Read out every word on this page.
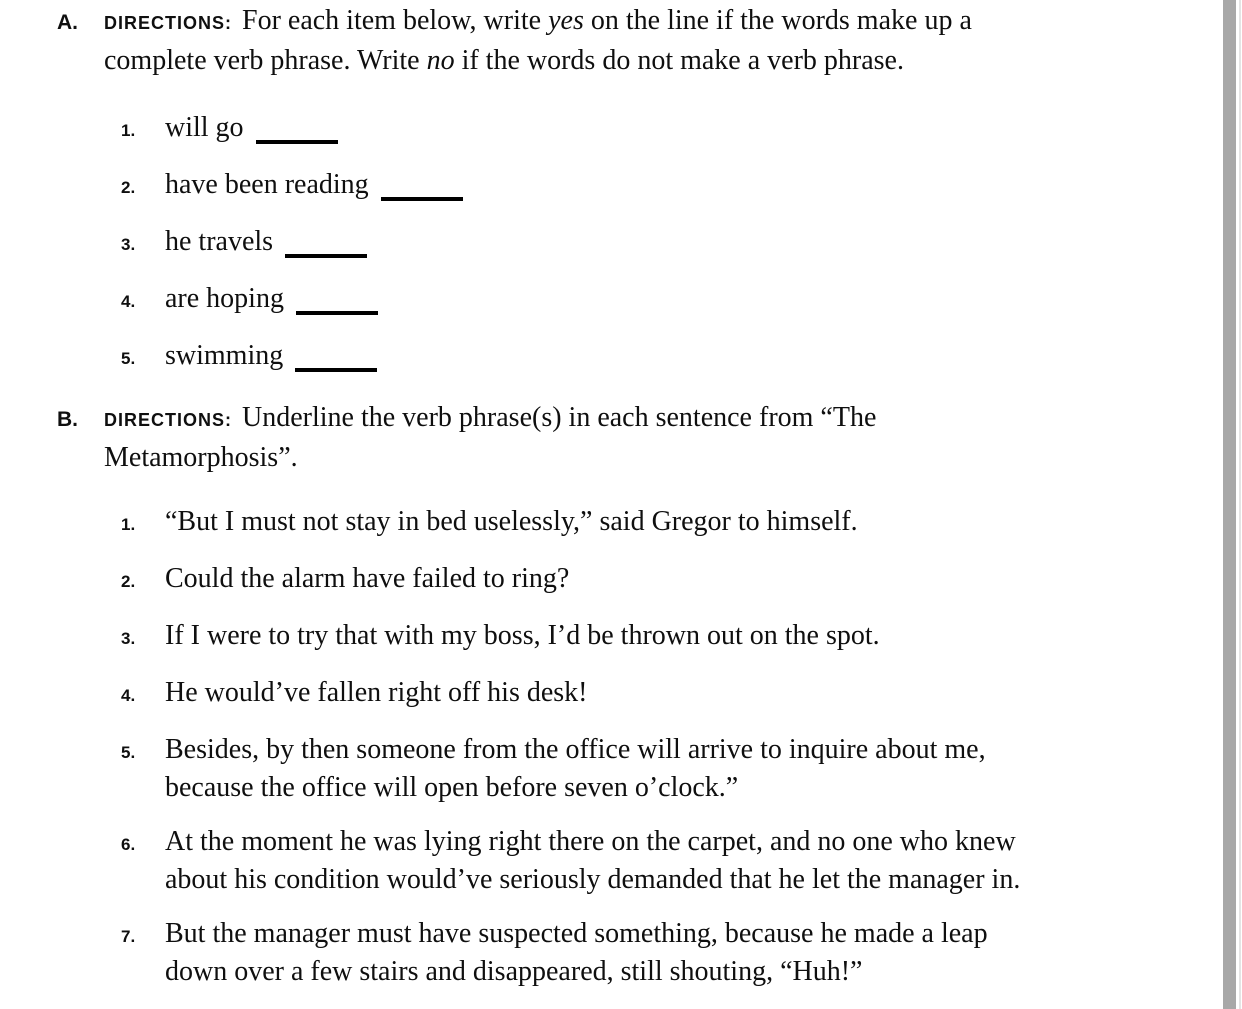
A.	DIRECTIONS: For each item below, write yes on the line if the words make up a
complete verb phrase. Write no if the words do not make a verb phrase.
1.	will go
2.	have been reading
3.	he travels
4.	are hoping
5.	swimming
B.	DIRECTIONS: Underline the verb phrase(s) in each sentence from “The
Metamorphosis”.
1.	“But I must not stay in bed uselessly,” said Gregor to himself.
2.	Could the alarm have failed to ring?
3.	If I were to try that with my boss, I’d be thrown out on the spot.
4.	He would’ve fallen right off his desk!
5.	Besides, by then someone from the office will arrive to inquire about me,
because the office will open before seven o’clock.”
6.	At the moment he was lying right there on the carpet, and no one who knew
about his condition would’ve seriously demanded that he let the manager in.
7.	But the manager must have suspected something, because he made a leap
down over a few stairs and disappeared, still shouting, “Huh!”
